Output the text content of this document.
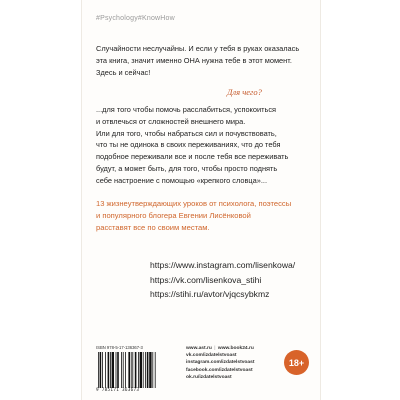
#Psychology#KnowHow
Случайности неслучайны. И если у тебя в руках оказалась
эта книга, значит именно ОНА нужна тебе в этот момент.
Здесь и сейчас!
Для чего?
...для того чтобы помочь расслабиться, успокоиться
и отвлечься от сложностей внешнего мира.
Или для того, чтобы набраться сил и почувствовать,
что ты не одинока в своих переживаниях, что до тебя
подобное переживали все и после тебя все переживать
будут, а может быть, для того, чтобы просто поднять
себе настроение с помощью «крепкого словца»...
13 жизнеутверждающих уроков от психолога, поэтессы
и популярного блогера Евгении Лисёнковой
расставят все по своим местам.
https://www.instagram.com/lisenkowa/
https://vk.com/lisenkova_stihi
https://stihi.ru/avtor/vjqcsybkmz
ISBN 978-5-17-136367-3
9 785171 363673
www.ast.ru | www.book24.ru
vk.com/izdatelstvoast
instagram.com/izdatelstvoast
facebook.com/izdatelstvoast
ok.ru/izdatelstvoast
18+
